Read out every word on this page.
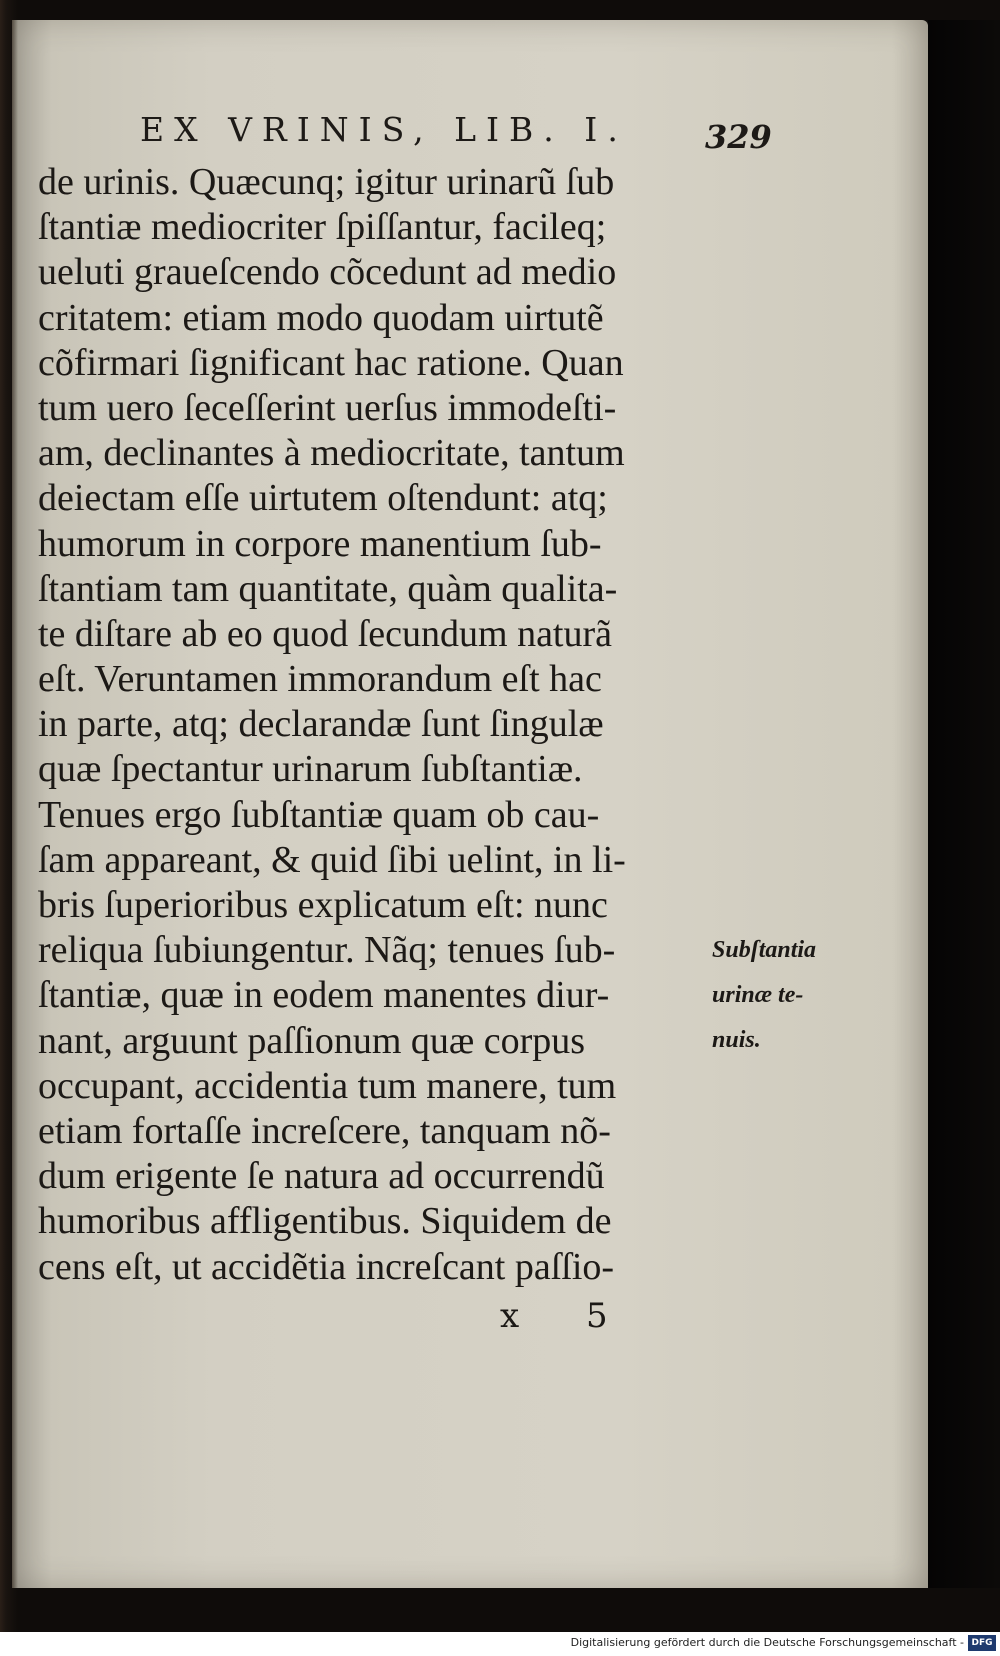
EX VRINIS, LIB. I. 329
de urinis. Quæcunq; igitur urinarũ ſub
ſtantiæ mediocriter ſpiſſantur, facileq;
ueluti graueſcendo cõcedunt ad medio
critatem: etiam modo quodam uirtutẽ
cõfirmari ſignificant hac ratione. Quan
tum uero ſeceſſerint uerſus immodeſti-
am, declinantes à mediocritate, tantum
deiectam eſſe uirtutem oſtendunt: atq;
humorum in corpore manentium ſub-
ſtantiam tam quantitate, quàm qualita-
te diſtare ab eo quod ſecundum naturã
eſt. Veruntamen immorandum eſt hac
in parte, atq; declarandæ ſunt ſingulæ
quæ ſpectantur urinarum ſubſtantiæ.
Tenues ergo ſubſtantiæ quam ob cau-
ſam appareant, & quid ſibi uelint, in li-
bris ſuperioribus explicatum eſt: nunc
reliqua ſubiungentur. Nãq; tenues ſub-
ſtantiæ, quæ in eodem manentes diur-
nant, arguunt paſſionum quæ corpus
occupant, accidentia tum manere, tum
etiam fortaſſe increſcere, tanquam nõ-
dum erigente ſe natura ad occurrendũ
humoribus affligentibus. Siquidem de
cens eſt, ut accidẽtia increſcant paſſio-
Subſtantia
urinæ te-
nuis.
x 5
Digitalisierung gefördert durch die Deutsche Forschungsgemeinschaft - DFG
